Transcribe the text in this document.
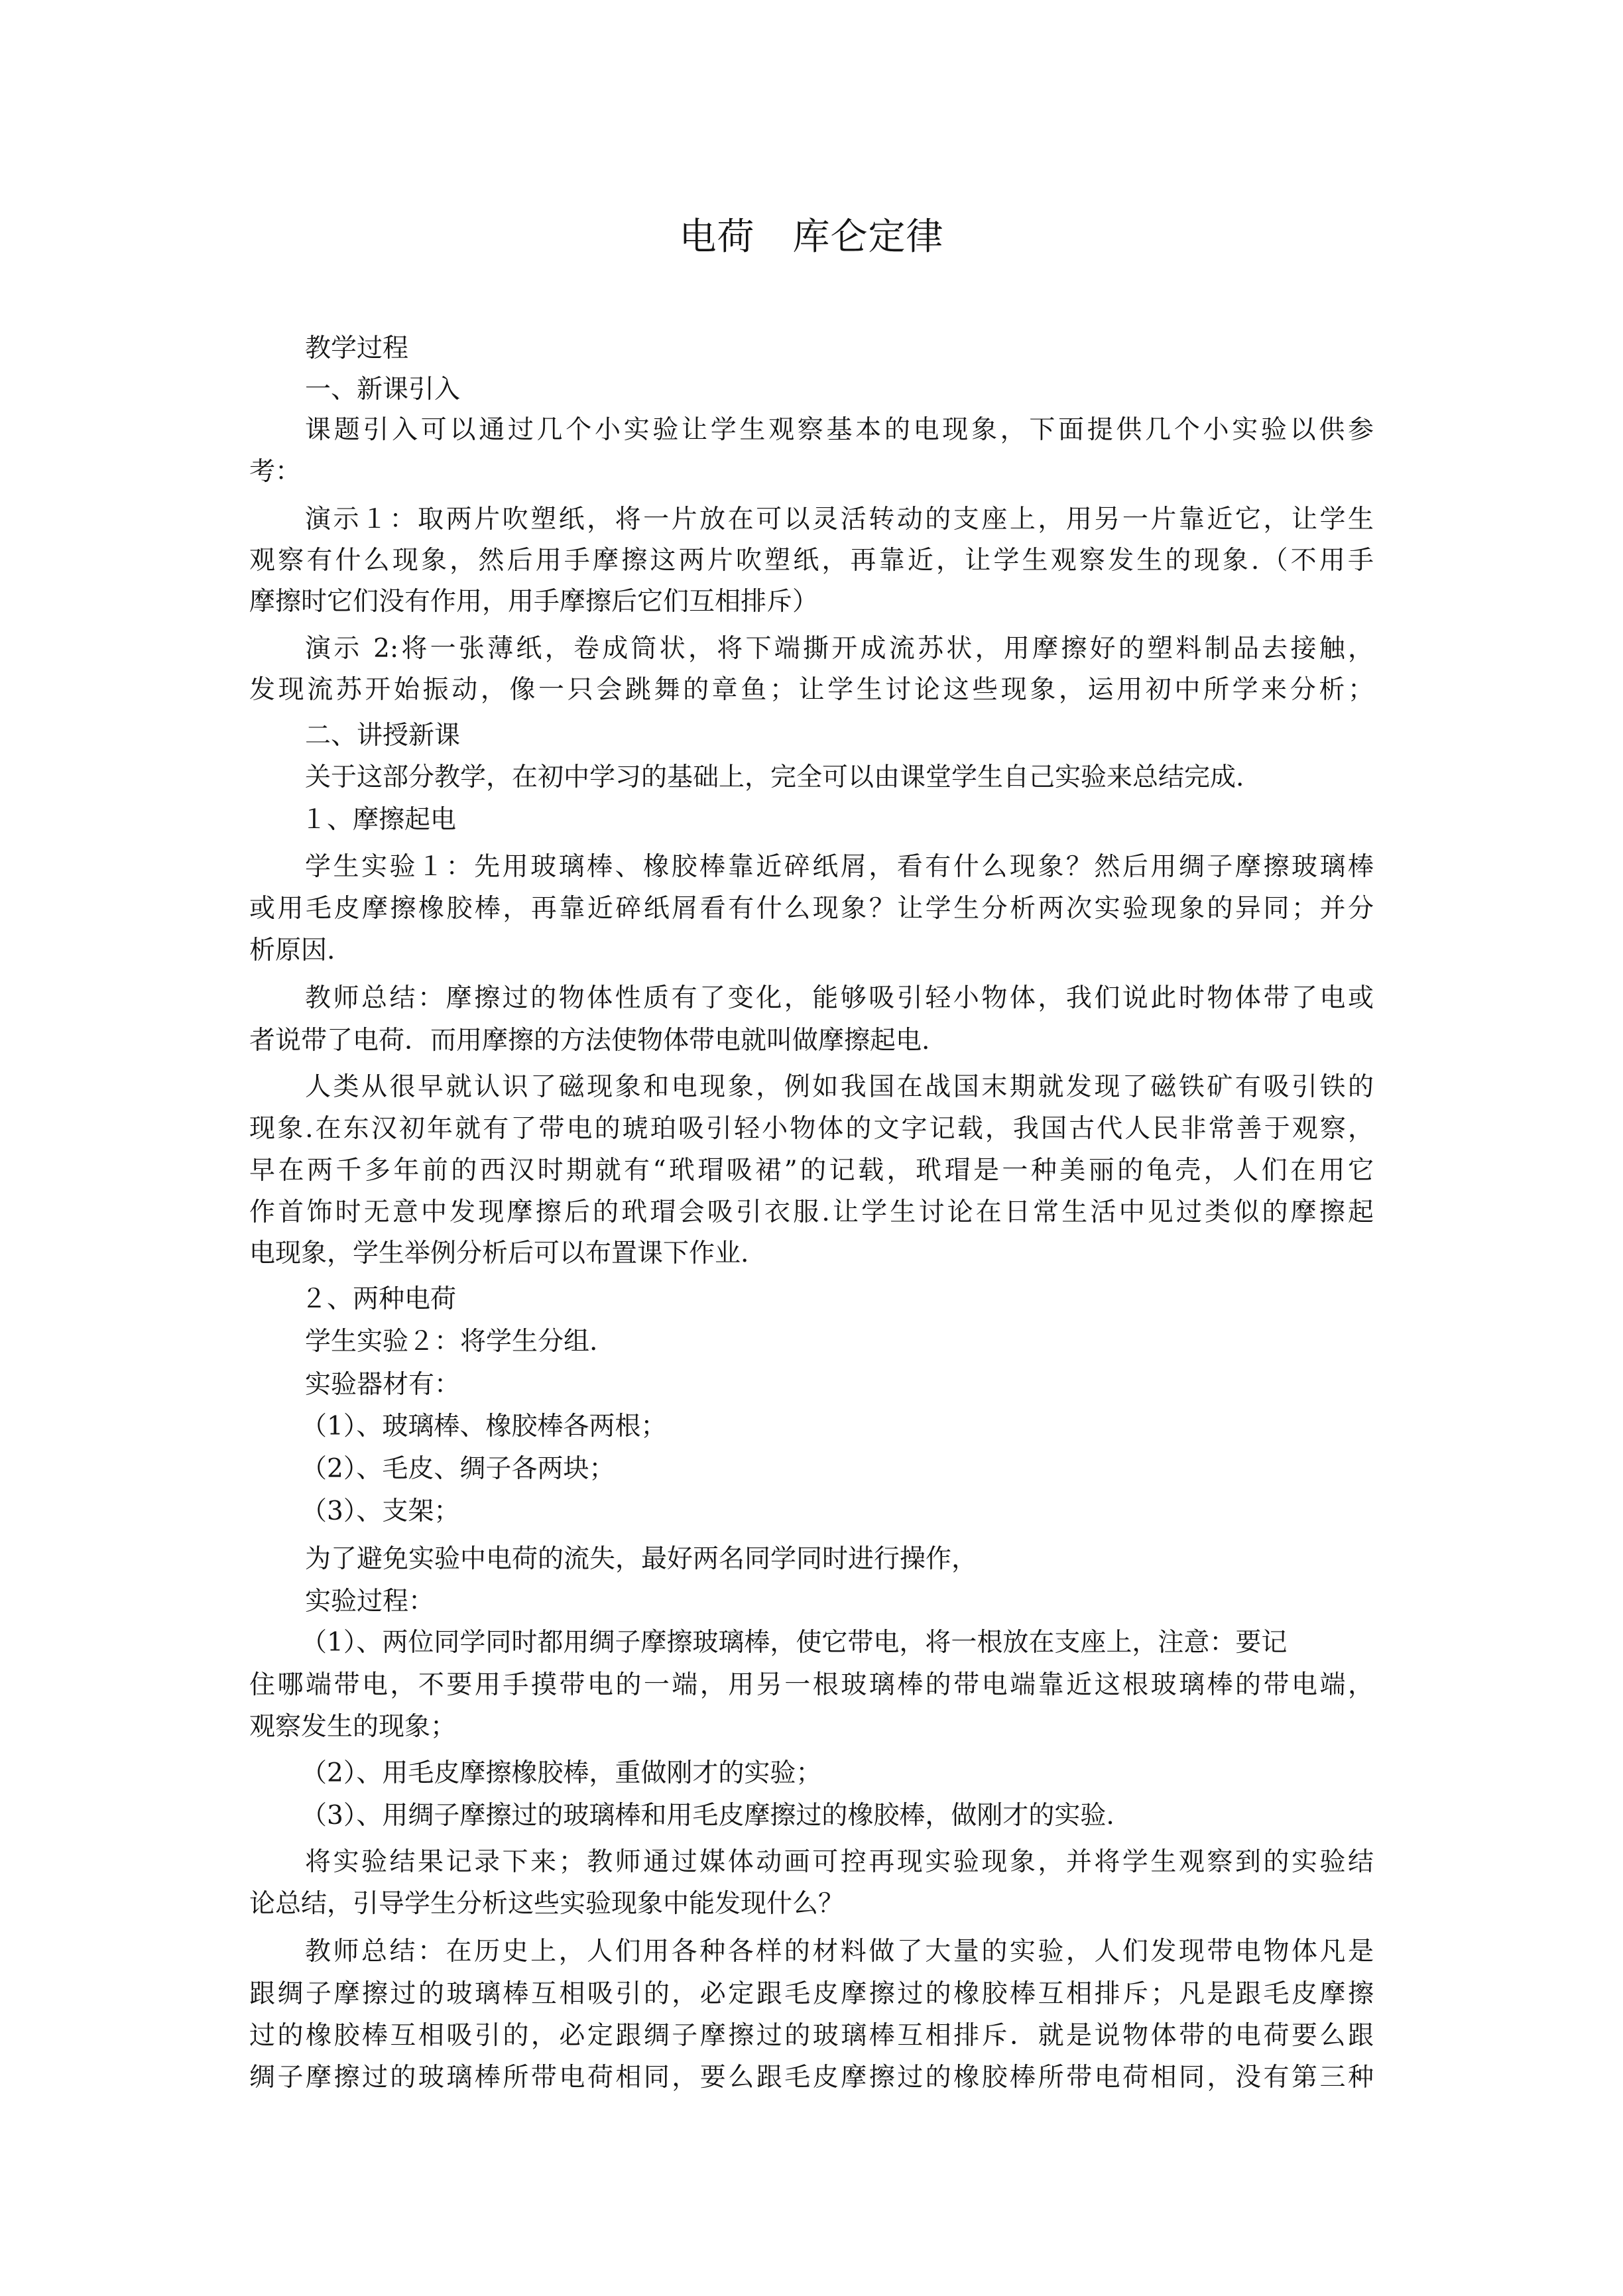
电荷　库仑定律
教学过程
一、新课引入
课题引入可以通过几个小实验让学生观察基本的电现象，下面提供几个小实验以供参
考：
演示１：取两片吹塑纸，将一片放在可以灵活转动的支座上，用另一片靠近它，让学生
观察有什么现象，然后用手摩擦这两片吹塑纸，再靠近，让学生观察发生的现象.（不用手
摩擦时它们没有作用，用手摩擦后它们互相排斥）
演示 2:将一张薄纸，卷成筒状，将下端撕开成流苏状，用摩擦好的塑料制品去接触，
发现流苏开始振动，像一只会跳舞的章鱼；让学生讨论这些现象，运用初中所学来分析；
二、讲授新课
关于这部分教学，在初中学习的基础上，完全可以由课堂学生自己实验来总结完成.
１、摩擦起电
学生实验１：先用玻璃棒、橡胶棒靠近碎纸屑，看有什么现象？然后用绸子摩擦玻璃棒
或用毛皮摩擦橡胶棒，再靠近碎纸屑看有什么现象？让学生分析两次实验现象的异同；并分
析原因.
教师总结：摩擦过的物体性质有了变化，能够吸引轻小物体，我们说此时物体带了电或
者说带了电荷．而用摩擦的方法使物体带电就叫做摩擦起电.
人类从很早就认识了磁现象和电现象，例如我国在战国末期就发现了磁铁矿有吸引铁的
现象.在东汉初年就有了带电的琥珀吸引轻小物体的文字记载，我国古代人民非常善于观察，
早在两千多年前的西汉时期就有“玳瑁吸裙”的记载，玳瑁是一种美丽的龟壳，人们在用它
作首饰时无意中发现摩擦后的玳瑁会吸引衣服.让学生讨论在日常生活中见过类似的摩擦起
电现象，学生举例分析后可以布置课下作业.
２、两种电荷
学生实验２：将学生分组.
实验器材有：
（1）、玻璃棒、橡胶棒各两根；
（2）、毛皮、绸子各两块；
（3）、支架；
为了避免实验中电荷的流失，最好两名同学同时进行操作，
实验过程：
（1）、两位同学同时都用绸子摩擦玻璃棒，使它带电，将一根放在支座上，注意：要记
住哪端带电，不要用手摸带电的一端，用另一根玻璃棒的带电端靠近这根玻璃棒的带电端，
观察发生的现象；
（2）、用毛皮摩擦橡胶棒，重做刚才的实验；
（3）、用绸子摩擦过的玻璃棒和用毛皮摩擦过的橡胶棒，做刚才的实验.
将实验结果记录下来；教师通过媒体动画可控再现实验现象，并将学生观察到的实验结
论总结，引导学生分析这些实验现象中能发现什么？
教师总结：在历史上，人们用各种各样的材料做了大量的实验，人们发现带电物体凡是
跟绸子摩擦过的玻璃棒互相吸引的，必定跟毛皮摩擦过的橡胶棒互相排斥；凡是跟毛皮摩擦
过的橡胶棒互相吸引的，必定跟绸子摩擦过的玻璃棒互相排斥．就是说物体带的电荷要么跟
绸子摩擦过的玻璃棒所带电荷相同，要么跟毛皮摩擦过的橡胶棒所带电荷相同，没有第三种
